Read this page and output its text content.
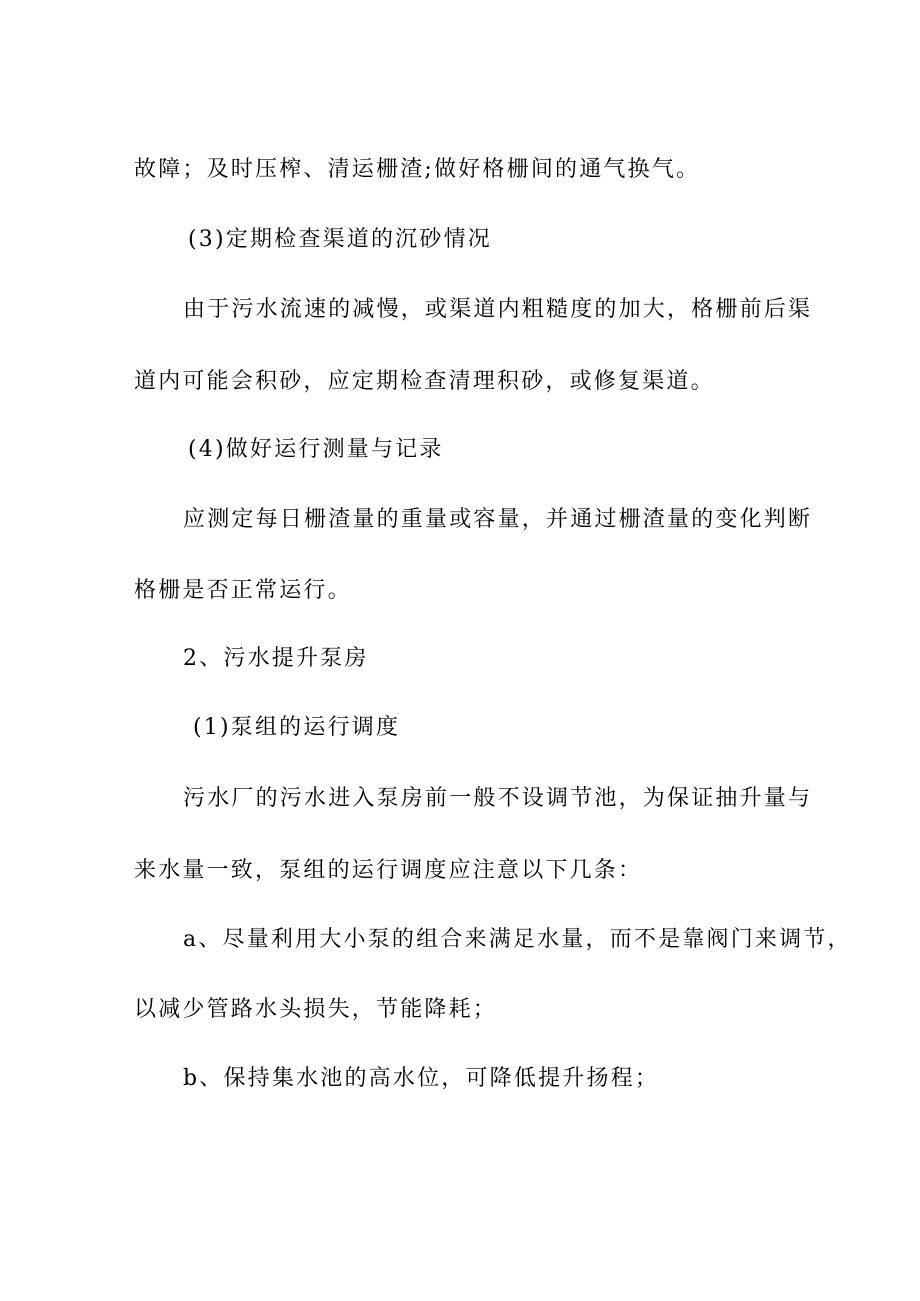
故障；及时压榨、清运栅渣;做好格栅间的通气换气。
(3)定期检查渠道的沉砂情况
由于污水流速的减慢，或渠道内粗糙度的加大，格栅前后渠
道内可能会积砂，应定期检查清理积砂，或修复渠道。
(4)做好运行测量与记录
应测定每日栅渣量的重量或容量，并通过栅渣量的变化判断
格栅是否正常运行。
2、污水提升泵房
(1)泵组的运行调度
污水厂的污水进入泵房前一般不设调节池，为保证抽升量与
来水量一致，泵组的运行调度应注意以下几条：
a、尽量利用大小泵的组合来满足水量，而不是靠阀门来调节，
以减少管路水头损失，节能降耗；
b、保持集水池的高水位，可降低提升扬程；
